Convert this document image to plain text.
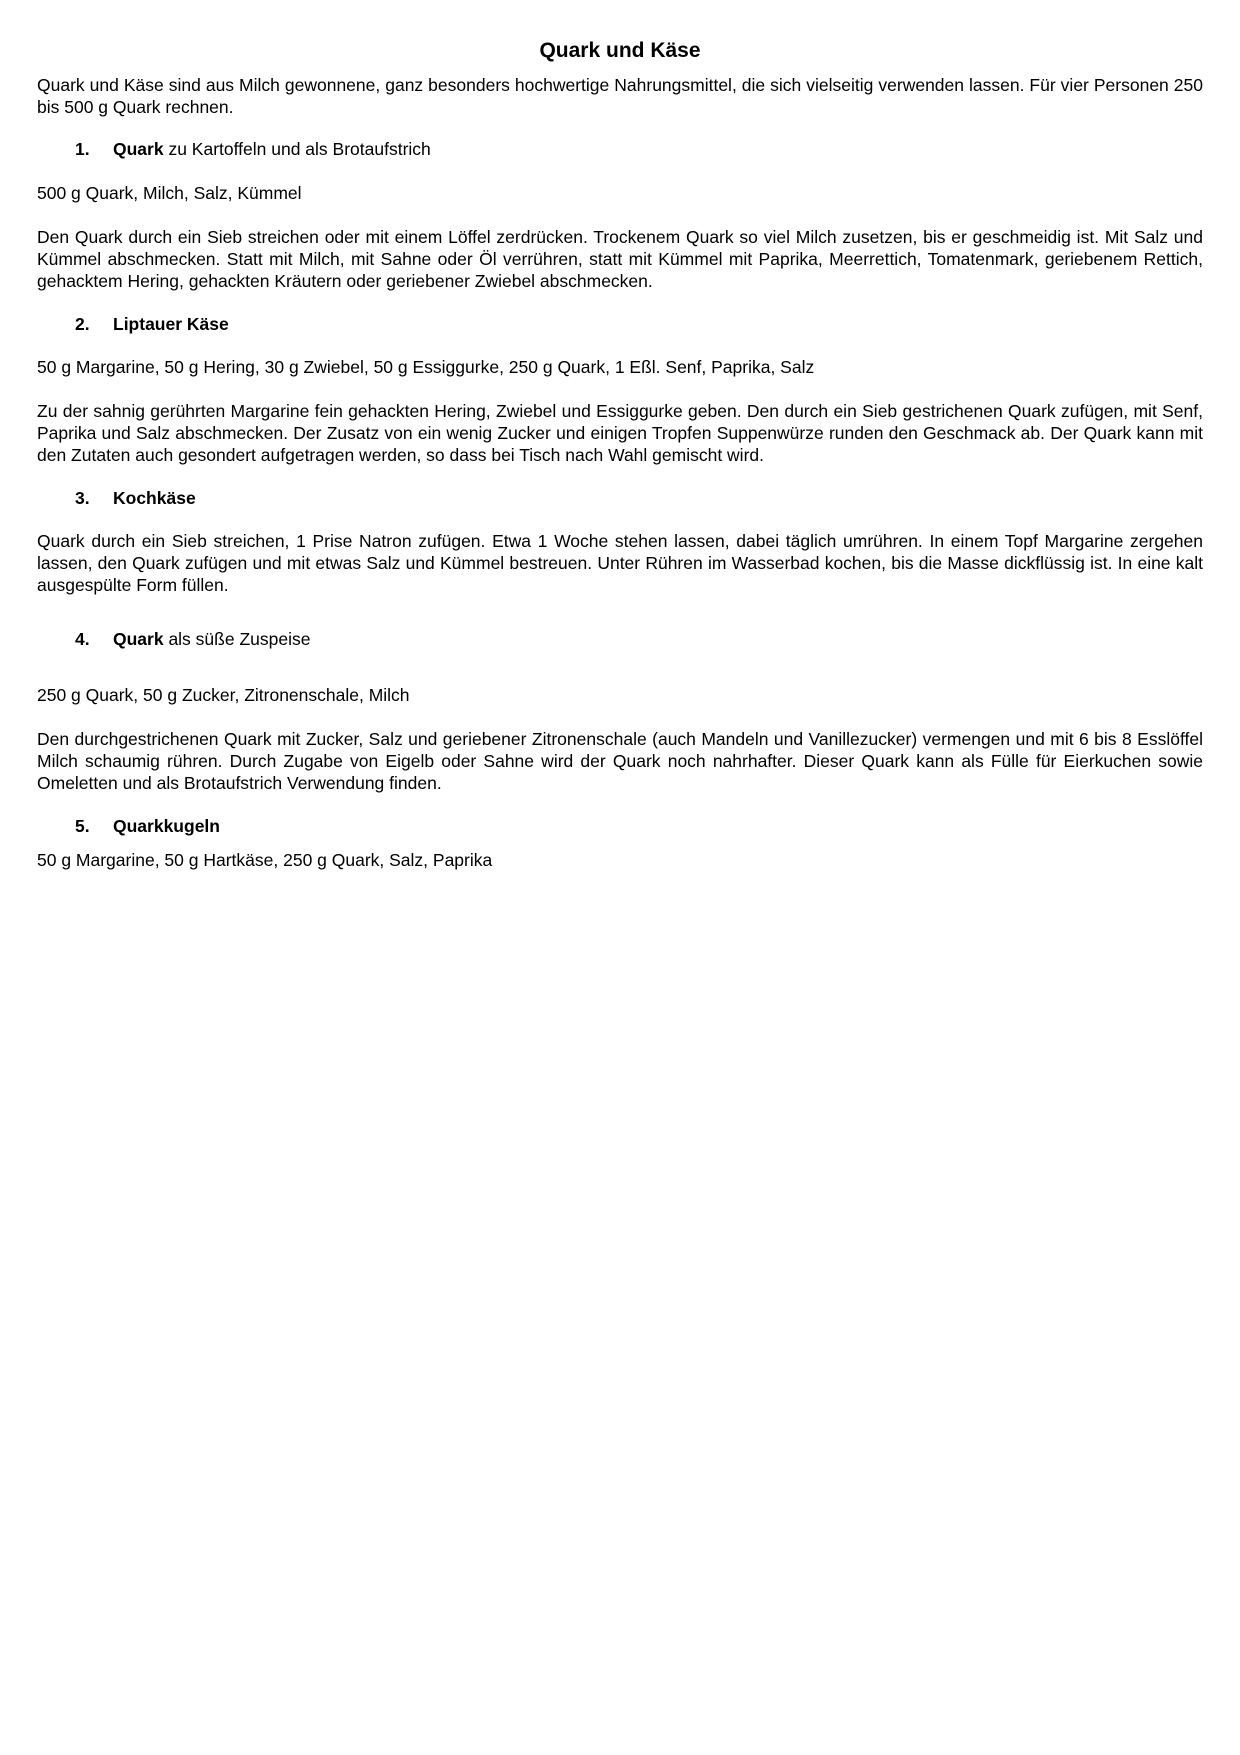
Quark und Käse

Quark und Käse sind aus Milch gewonnene, ganz besonders hochwertige Nahrungsmittel, die sich vielseitig verwenden lassen. Für vier Personen 250 bis 500 g Quark rechnen.

1. Quark zu Kartoffeln und als Brotaufstrich

500 g Quark, Milch, Salz, Kümmel

Den Quark durch ein Sieb streichen oder mit einem Löffel zerdrücken. Trockenem Quark so viel Milch zusetzen, bis er geschmeidig ist. Mit Salz und Kümmel abschmecken. Statt mit Milch, mit Sahne oder Öl verrühren, statt mit Kümmel mit Paprika, Meerrettich, Tomatenmark, geriebenem Rettich, gehacktem Hering, gehackten Kräutern oder geriebener Zwiebel abschmecken.

2. Liptauer Käse

50 g Margarine, 50 g Hering, 30 g Zwiebel, 50 g Essiggurke, 250 g Quark, 1 Eßl. Senf, Paprika, Salz

Zu der sahnig gerührten Margarine fein gehackten Hering, Zwiebel und Essiggurke geben. Den durch ein Sieb gestrichenen Quark zufügen, mit Senf, Paprika und Salz abschmecken. Der Zusatz von ein wenig Zucker und einigen Tropfen Suppenwürze runden den Geschmack ab. Der Quark kann mit den Zutaten auch gesondert aufgetragen werden, so dass bei Tisch nach Wahl gemischt wird.

3. Kochkäse

Quark durch ein Sieb streichen, 1 Prise Natron zufügen. Etwa 1 Woche stehen lassen, dabei täglich umrühren. In einem Topf Margarine zergehen lassen, den Quark zufügen und mit etwas Salz und Kümmel bestreuen. Unter Rühren im Wasserbad kochen, bis die Masse dickflüssig ist. In eine kalt ausgespülte Form füllen.

4. Quark als süße Zuspeise

250 g Quark, 50 g Zucker, Zitronenschale, Milch

Den durchgestrichenen Quark mit Zucker, Salz und geriebener Zitronenschale (auch Mandeln und Vanillezucker) vermengen und mit 6 bis 8 Esslöffel Milch schaumig rühren. Durch Zugabe von Eigelb oder Sahne wird der Quark noch nahrhafter. Dieser Quark kann als Fülle für Eierkuchen sowie Omeletten und als Brotaufstrich Verwendung finden.

5. Quarkkugeln

50 g Margarine, 50 g Hartkäse, 250 g Quark, Salz, Paprika
